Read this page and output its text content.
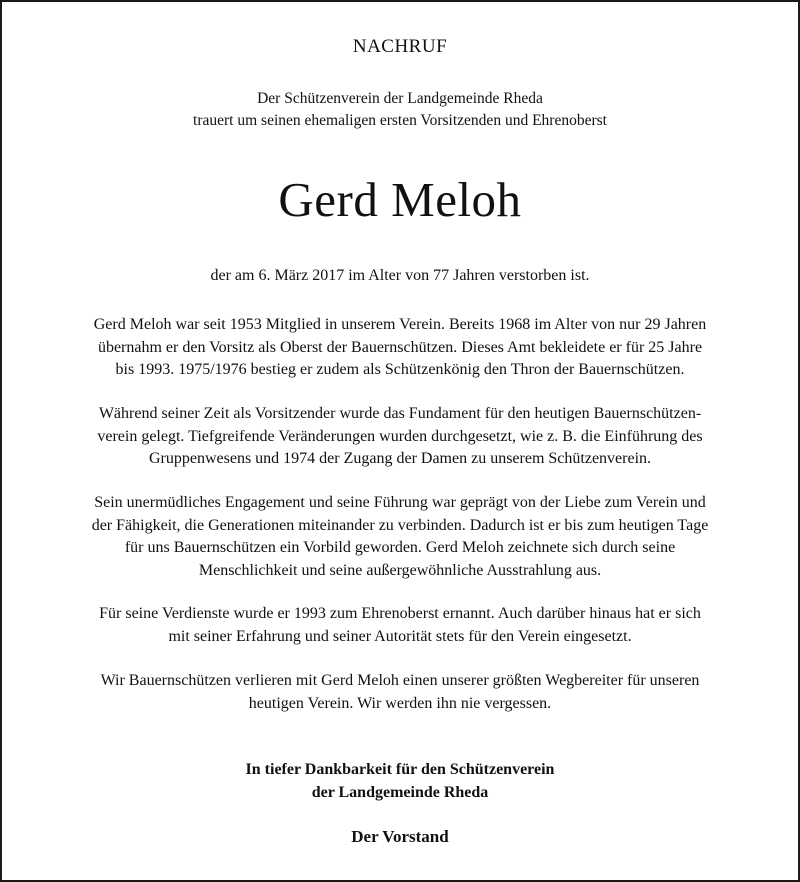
NACHRUF
Der Schützenverein der Landgemeinde Rheda
trauert um seinen ehemaligen ersten Vorsitzenden und Ehrenoberst
Gerd Meloh
der am 6. März 2017 im Alter von 77 Jahren verstorben ist.
Gerd Meloh war seit 1953 Mitglied in unserem Verein. Bereits 1968 im Alter von nur 29 Jahren
übernahm er den Vorsitz als Oberst der Bauernschützen. Dieses Amt bekleidete er für 25 Jahre
bis 1993. 1975/1976 bestieg er zudem als Schützenkönig den Thron der Bauernschützen.
Während seiner Zeit als Vorsitzender wurde das Fundament für den heutigen Bauernschützen-
verein gelegt. Tiefgreifende Veränderungen wurden durchgesetzt, wie z. B. die Einführung des
Gruppenwesens und 1974 der Zugang der Damen zu unserem Schützenverein.
Sein unermüdliches Engagement und seine Führung war geprägt von der Liebe zum Verein und
der Fähigkeit, die Generationen miteinander zu verbinden. Dadurch ist er bis zum heutigen Tage
für uns Bauernschützen ein Vorbild geworden. Gerd Meloh zeichnete sich durch seine
Menschlichkeit und seine außergewöhnliche Ausstrahlung aus.
Für seine Verdienste wurde er 1993 zum Ehrenoberst ernannt. Auch darüber hinaus hat er sich
mit seiner Erfahrung und seiner Autorität stets für den Verein eingesetzt.
Wir Bauernschützen verlieren mit Gerd Meloh einen unserer größten Wegbereiter für unseren
heutigen Verein. Wir werden ihn nie vergessen.
In tiefer Dankbarkeit für den Schützenverein
der Landgemeinde Rheda
Der Vorstand
